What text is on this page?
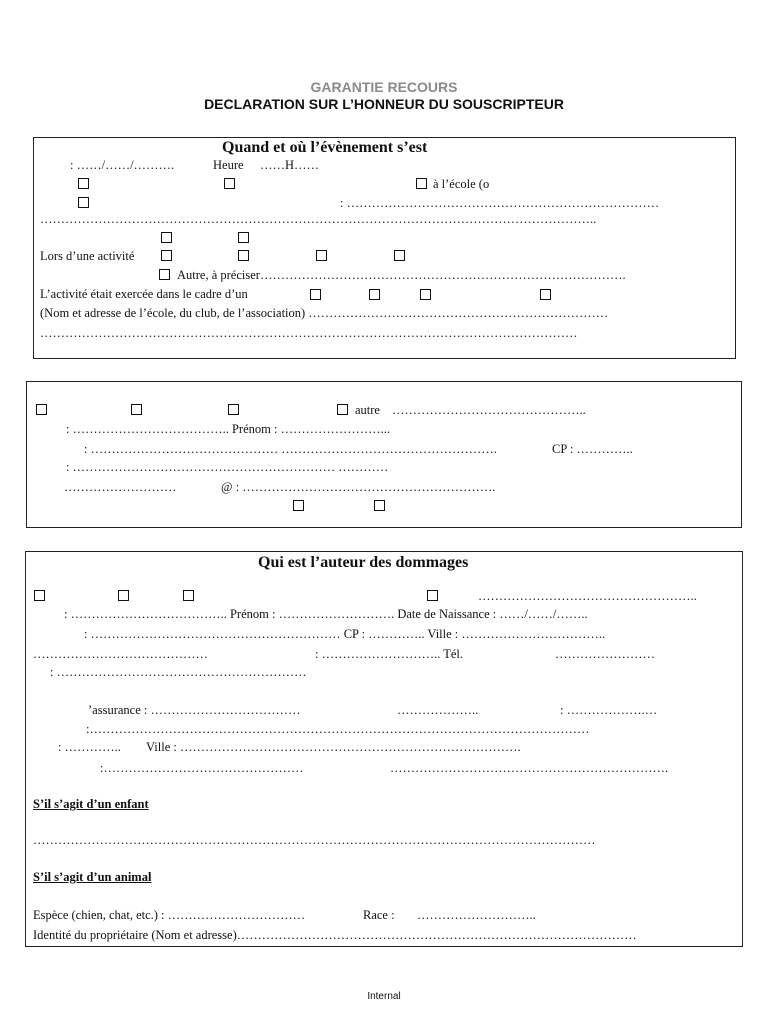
GARANTIE RECOURS
DECLARATION SUR L’HONNEUR DU SOUSCRIPTEUR
Quand et où l’évènement s’est
: ……/……/……….	Heure ……H……
à l’école (o
: …………………………………………………………………
……………………………………………………………………………………………………………………..
Lors d’une activité
Autre, à préciser…………………………………………………………………………….
L’activité était exercée dans le cadre d’un
(Nom et adresse de l’école, du club, de l’association) ………………………………………………………………
…………………………………………………………………………………………………………………
autre ………………………………………..
: ……………………………….. Prénom : ……………………...
: ……………………………………… …………………………………………….	CP : …………..
: ……………………………………………………… …………
………………………	@ : …………………………………………………….
Qui est l’auteur des dommages
……………………………………………..
: ……………………………….. Prénom : ………………………. Date de Naissance : ……/……/……..
: …………………………………………………… CP : ………….. Ville : ……………………………..
……………………………………	: ……………………….. Tél.	……………………
: ……………………………………………………
’assurance : ………………………………	………………..	: ……………….…
:…………………………………………………………………………………………………………
: ………….. Ville : ……………………………………………………………………….
:…………………………………………	………………………………………………………….
S’il s’agit d’un enfant
………………………………………………………………………………………………………………………
S’il s’agit d’un animal
Espèce (chien, chat, etc.) : ……………………………	Race : ………………………..
Identité du propriétaire (Nom et adresse)……………………………………………………………………………………
Internal
